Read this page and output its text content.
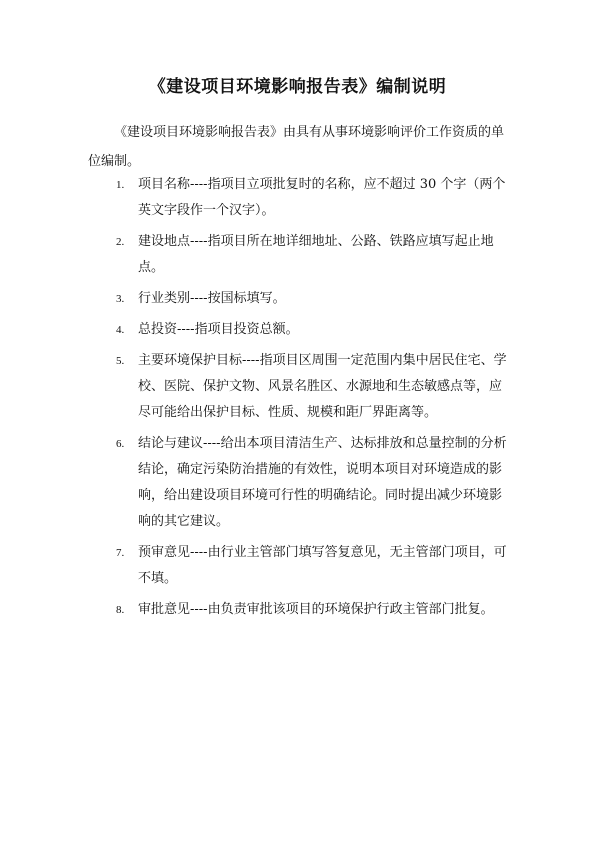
《建设项目环境影响报告表》编制说明

《建设项目环境影响报告表》由具有从事环境影响评价工作资质的单位编制。

1. 项目名称----指项目立项批复时的名称，应不超过 30 个字（两个英文字段作一个汉字）。
2. 建设地点----指项目所在地详细地址、公路、铁路应填写起止地点。
3. 行业类别----按国标填写。
4. 总投资----指项目投资总额。
5. 主要环境保护目标----指项目区周围一定范围内集中居民住宅、学校、医院、保护文物、风景名胜区、水源地和生态敏感点等，应尽可能给出保护目标、性质、规模和距厂界距离等。
6. 结论与建议----给出本项目清洁生产、达标排放和总量控制的分析结论，确定污染防治措施的有效性，说明本项目对环境造成的影响，给出建设项目环境可行性的明确结论。同时提出减少环境影响的其它建议。
7. 预审意见----由行业主管部门填写答复意见，无主管部门项目，可不填。
8. 审批意见----由负责审批该项目的环境保护行政主管部门批复。
